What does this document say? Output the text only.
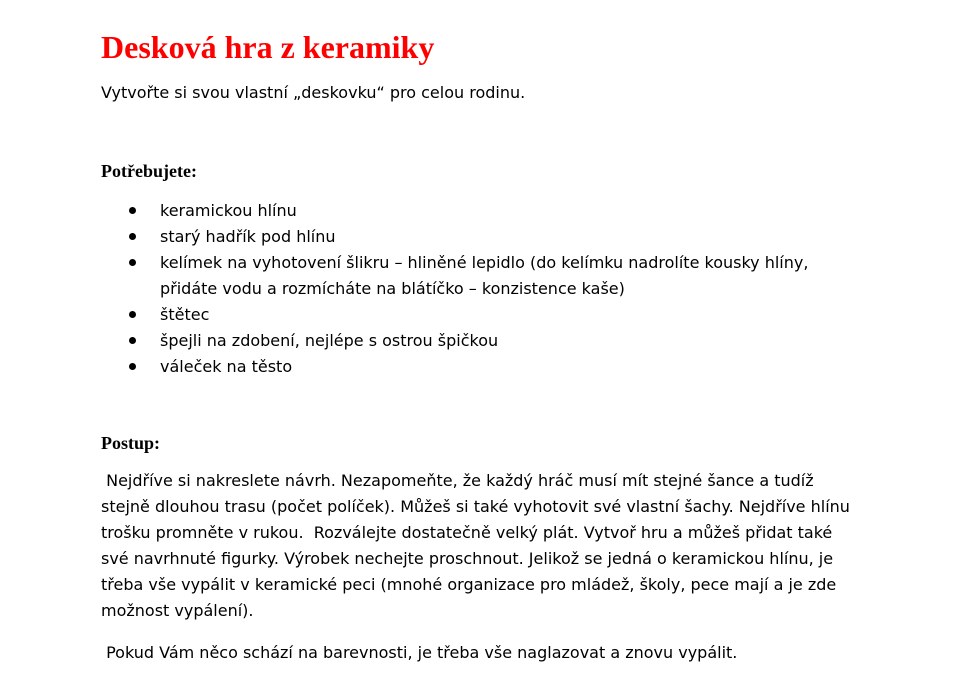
Desková hra z keramiky

Vytvořte si svou vlastní „deskovku“ pro celou rodinu.

Potřebujete:
keramickou hlínu
starý hadřík pod hlínu
kelímek na vyhotovení šlikru – hliněné lepidlo (do kelímku nadrolíte kousky hlíny, přidáte vodu a rozmícháte na blátíčko – konzistence kaše)
štětec
špejli na zdobení, nejlépe s ostrou špičkou
váleček na těsto
Postup:

Nejdříve si nakreslete návrh. Nezapomeňte, že každý hráč musí mít stejné šance a tudíž stejně dlouhou trasu (počet políček). Můžeš si také vyhotovit své vlastní šachy. Nejdříve hlínu trošku promněte v rukou.  Rozválejte dostatečně velký plát. Vytvoř hru a můžeš přidat také své navrhnuté figurky. Výrobek nechejte proschnout. Jelikož se jedná o keramickou hlínu, je třeba vše vypálit v keramické peci (mnohé organizace pro mládež, školy, pece mají a je zde možnost vypálení).

Pokud Vám něco schází na barevnosti, je třeba vše naglazovat a znovu vypálit.
